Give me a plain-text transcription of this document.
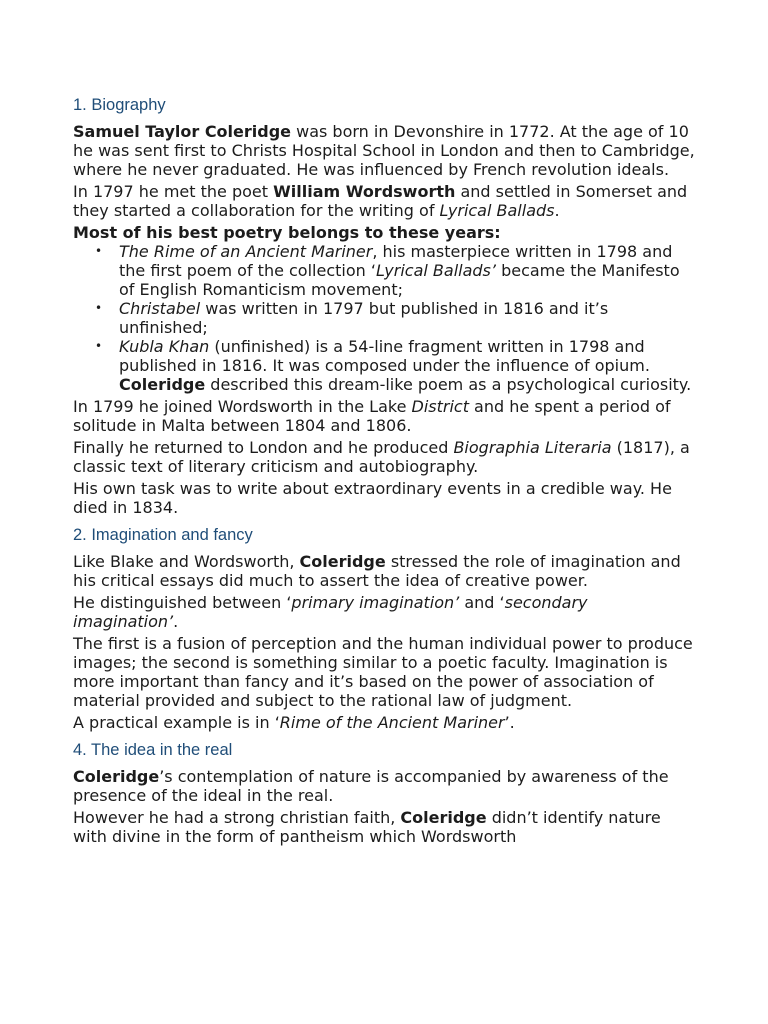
1. Biography

Samuel Taylor Coleridge was born in Devonshire in 1772. At the age of 10 he was sent first to Christs Hospital School in London and then to Cambridge, where he never graduated. He was influenced by French revolution ideals.

In 1797 he met the poet William Wordsworth and settled in Somerset and they started a collaboration for the writing of Lyrical Ballads.

Most of his best poetry belongs to these years:

• The Rime of an Ancient Mariner, his masterpiece written in 1798 and the first poem of the collection ‘Lyrical Ballads’ became the Manifesto of English Romanticism movement;
• Christabel was written in 1797 but published in 1816 and it’s unfinished;
• Kubla Khan (unfinished) is a 54-line fragment written in 1798 and published in 1816. It was composed under the influence of opium. Coleridge described this dream-like poem as a psychological curiosity.

In 1799 he joined Wordsworth in the Lake District and he spent a period of solitude in Malta between 1804 and 1806.

Finally he returned to London and he produced Biographia Literaria (1817), a classic text of literary criticism and autobiography.

His own task was to write about extraordinary events in a credible way. He died in 1834.

2. Imagination and fancy

Like Blake and Wordsworth, Coleridge stressed the role of imagination and his critical essays did much to assert the idea of creative power.

He distinguished between ‘primary imagination’ and ‘secondary imagination’.

The first is a fusion of perception and the human individual power to produce images; the second is something similar to a poetic faculty. Imagination is more important than fancy and it’s based on the power of association of material provided and subject to the rational law of judgment.

A practical example is in ‘Rime of the Ancient Mariner’.

4. The idea in the real

Coleridge’s contemplation of nature is accompanied by awareness of the presence of the ideal in the real.

However he had a strong christian faith, Coleridge didn’t identify nature with divine in the form of pantheism which Wordsworth
